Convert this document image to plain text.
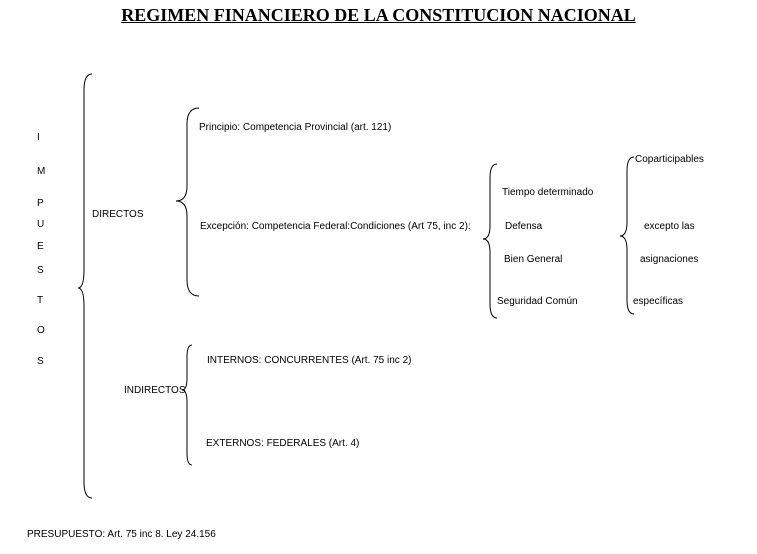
REGIMEN FINANCIERO DE LA CONSTITUCION NACIONAL
I
M
P
U
E
S
T
O
S
DIRECTOS
Principio: Competencia Provincial (art. 121)
Excepción: Competencia Federal:Condiciones (Art 75, inc 2):
Tiempo determinado
Defensa
Bien General
Seguridad Común
Coparticipables
excepto las
asignaciones
específicas
INDIRECTOS
INTERNOS: CONCURRENTES (Art. 75 inc 2)
EXTERNOS: FEDERALES (Art. 4)
PRESUPUESTO: Art. 75 inc 8. Ley 24.156
